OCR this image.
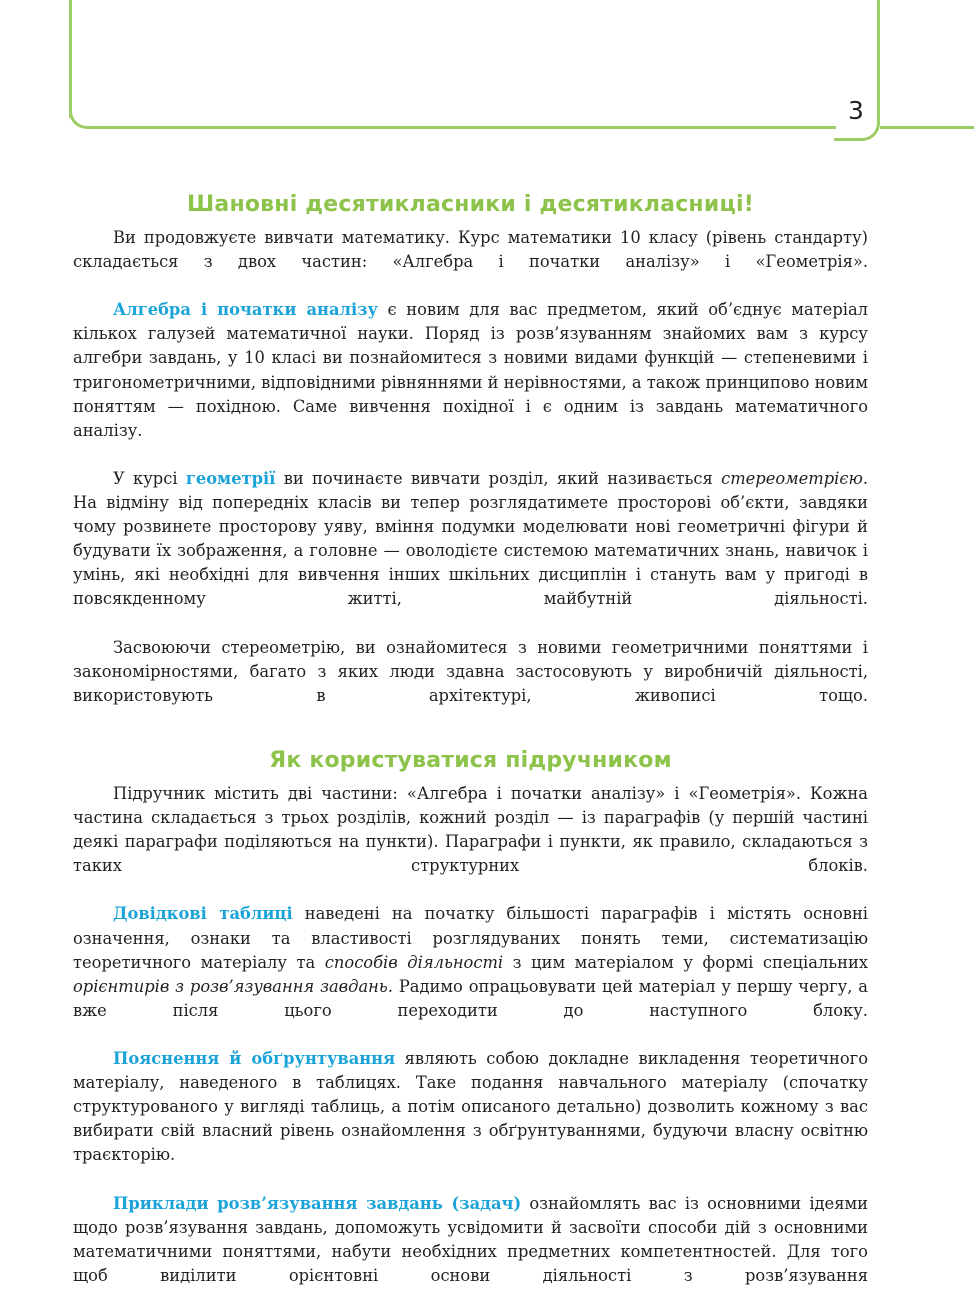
3
Шановні десятикласники і десятикласниці!

Ви продовжуєте вивчати математику. Курс математики 10 класу (рівень стандарту) складається з двох частин: «Алгебра і початки аналізу» і «Геометрія».

Алгебра і початки аналізу є новим для вас предметом, який об’єднує матеріал кількох галузей математичної науки. Поряд із розв’язуванням знайомих вам з курсу алгебри завдань, у 10 класі ви познайомитеся з новими видами функцій — степеневими і тригонометричними, відповідними рівняннями й нерівностями, а також принципово новим поняттям — похідною. Саме вивчення похідної і є одним із завдань математичного аналізу.

У курсі геометрії ви починаєте вивчати розділ, який називається стереометрією. На відміну від попередніх класів ви тепер розглядатимете просторові об’єкти, завдяки чому розвинете просторову уяву, вміння подумки моделювати нові геометричні фігури й будувати їх зображення, а головне — оволодієте системою математичних знань, навичок і умінь, які необхідні для вивчення інших шкільних дисциплін і стануть вам у пригоді в повсякденному житті, майбутній діяльності.

Засвоюючи стереометрію, ви ознайомитеся з новими геометричними поняттями і закономірностями, багато з яких люди здавна застосовують у виробничій діяльності, використовують в архітектурі, живописі тощо.

Як користуватися підручником

Підручник містить дві частини: «Алгебра і початки аналізу» і «Геометрія». Кожна частина складається з трьох розділів, кожний розділ — із параграфів (у першій частині деякі параграфи поділяються на пункти). Параграфи і пункти, як правило, складаються з таких структурних блоків.

Довідкові таблиці наведені на початку більшості параграфів і містять основні означення, ознаки та властивості розглядуваних понять теми, систематизацію теоретичного матеріалу та способів діяльності з цим матеріалом у формі спеціальних орієнтирів з розв’язування завдань. Радимо опрацьовувати цей матеріал у першу чергу, а вже після цього переходити до наступного блоку.

Пояснення й обґрунтування являють собою докладне викладення теоретичного матеріалу, наведеного в таблицях. Таке подання навчального матеріалу (спочатку структурованого у вигляді таблиць, а потім описаного детально) дозволить кожному з вас вибирати свій власний рівень ознайомлення з обґрунтуваннями, будуючи власну освітню траєкторію.

Приклади розв’язування завдань (задач) ознайомлять вас із основними ідеями щодо розв’язування завдань, допоможуть усвідомити й засвоїти способи дій з основними математичними поняттями, набути необхідних предметних компетентностей. Для того щоб виділити орієнтовні основи діяльності з розв’язування
